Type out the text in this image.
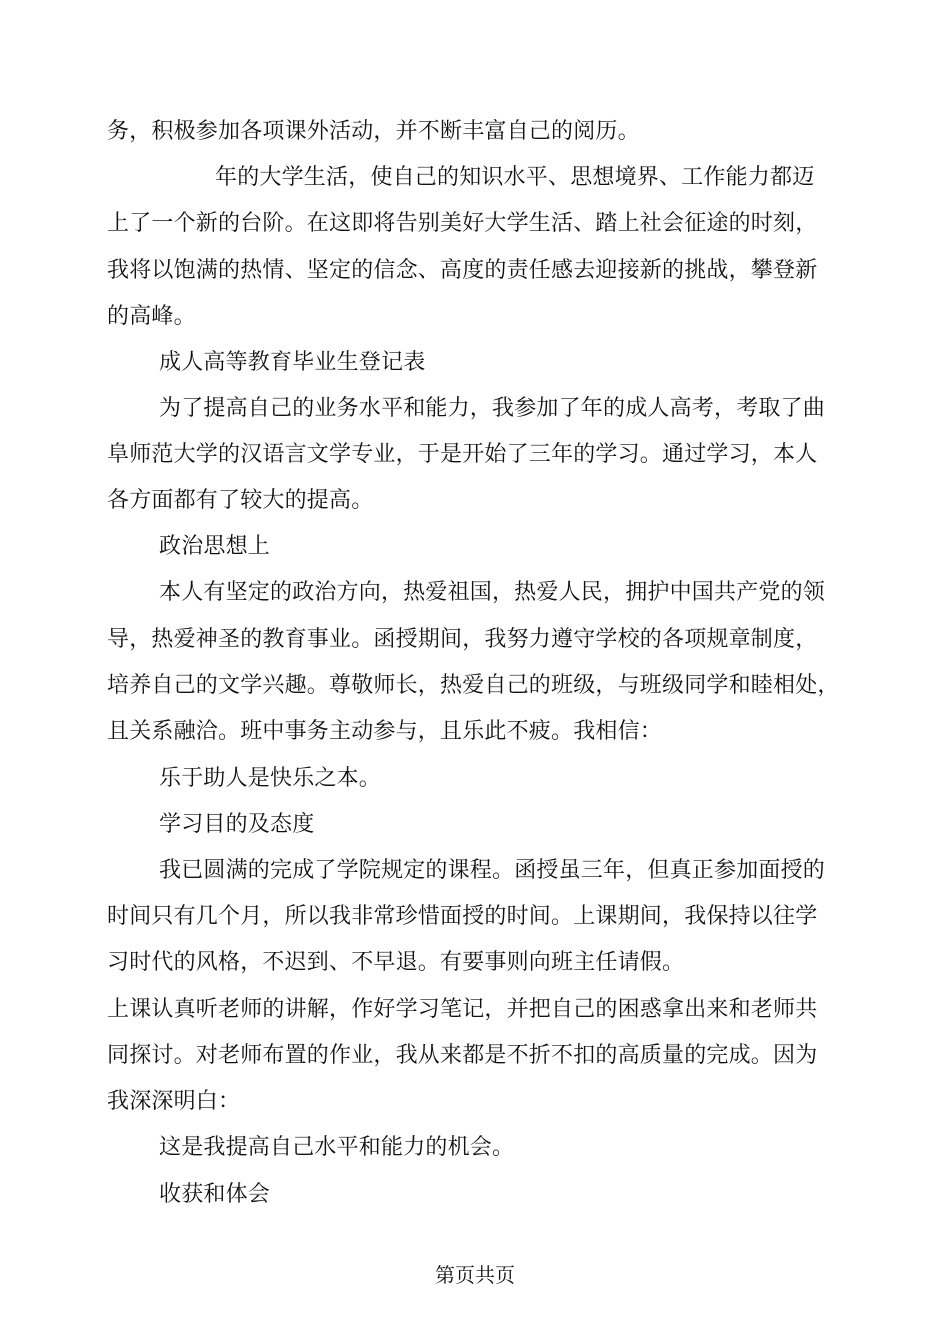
务，积极参加各项课外活动，并不断丰富自己的阅历。
年的大学生活，使自己的知识水平、思想境界、工作能力都迈
上了一个新的台阶。在这即将告别美好大学生活、踏上社会征途的时刻，
我将以饱满的热情、坚定的信念、高度的责任感去迎接新的挑战，攀登新
的高峰。
成人高等教育毕业生登记表
为了提高自己的业务水平和能力，我参加了年的成人高考，考取了曲
阜师范大学的汉语言文学专业，于是开始了三年的学习。通过学习，本人
各方面都有了较大的提高。
政治思想上
本人有坚定的政治方向，热爱祖国，热爱人民，拥护中国共产党的领
导，热爱神圣的教育事业。函授期间，我努力遵守学校的各项规章制度，
培养自己的文学兴趣。尊敬师长，热爱自己的班级，与班级同学和睦相处，
且关系融洽。班中事务主动参与，且乐此不疲。我相信：
乐于助人是快乐之本。
学习目的及态度
我已圆满的完成了学院规定的课程。函授虽三年，但真正参加面授的
时间只有几个月，所以我非常珍惜面授的时间。上课期间，我保持以往学
习时代的风格，不迟到、不早退。有要事则向班主任请假。
上课认真听老师的讲解，作好学习笔记，并把自己的困惑拿出来和老师共
同探讨。对老师布置的作业，我从来都是不折不扣的高质量的完成。因为
我深深明白：
这是我提高自己水平和能力的机会。
收获和体会
第页共页
